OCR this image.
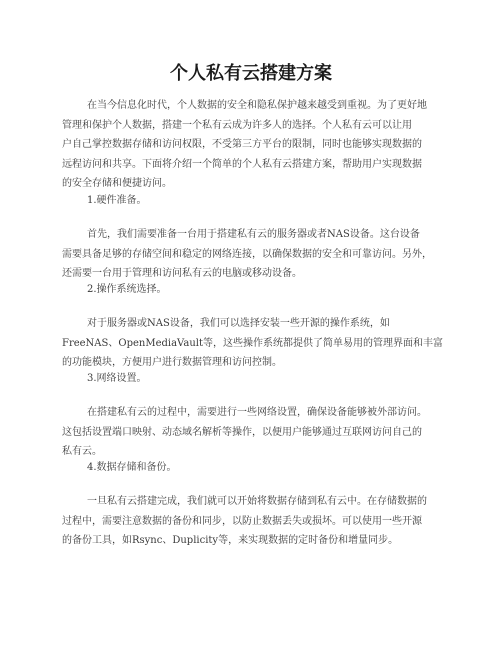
个人私有云搭建方案
在当今信息化时代，个人数据的安全和隐私保护越来越受到重视。为了更好地
管理和保护个人数据，搭建一个私有云成为许多人的选择。个人私有云可以让用
户自己掌控数据存储和访问权限，不受第三方平台的限制，同时也能够实现数据的
远程访问和共享。下面将介绍一个简单的个人私有云搭建方案，帮助用户实现数据
的安全存储和便捷访问。
1.硬件准备。
首先，我们需要准备一台用于搭建私有云的服务器或者NAS设备。这台设备
需要具备足够的存储空间和稳定的网络连接，以确保数据的安全和可靠访问。另外，
还需要一台用于管理和访问私有云的电脑或移动设备。
2.操作系统选择。
对于服务器或NAS设备，我们可以选择安装一些开源的操作系统，如
FreeNAS、OpenMediaVault等，这些操作系统都提供了简单易用的管理界面和丰富
的功能模块，方便用户进行数据管理和访问控制。
3.网络设置。
在搭建私有云的过程中，需要进行一些网络设置，确保设备能够被外部访问。
这包括设置端口映射、动态域名解析等操作，以便用户能够通过互联网访问自己的
私有云。
4.数据存储和备份。
一旦私有云搭建完成，我们就可以开始将数据存储到私有云中。在存储数据的
过程中，需要注意数据的备份和同步，以防止数据丢失或损坏。可以使用一些开源
的备份工具，如Rsync、Duplicity等，来实现数据的定时备份和增量同步。
